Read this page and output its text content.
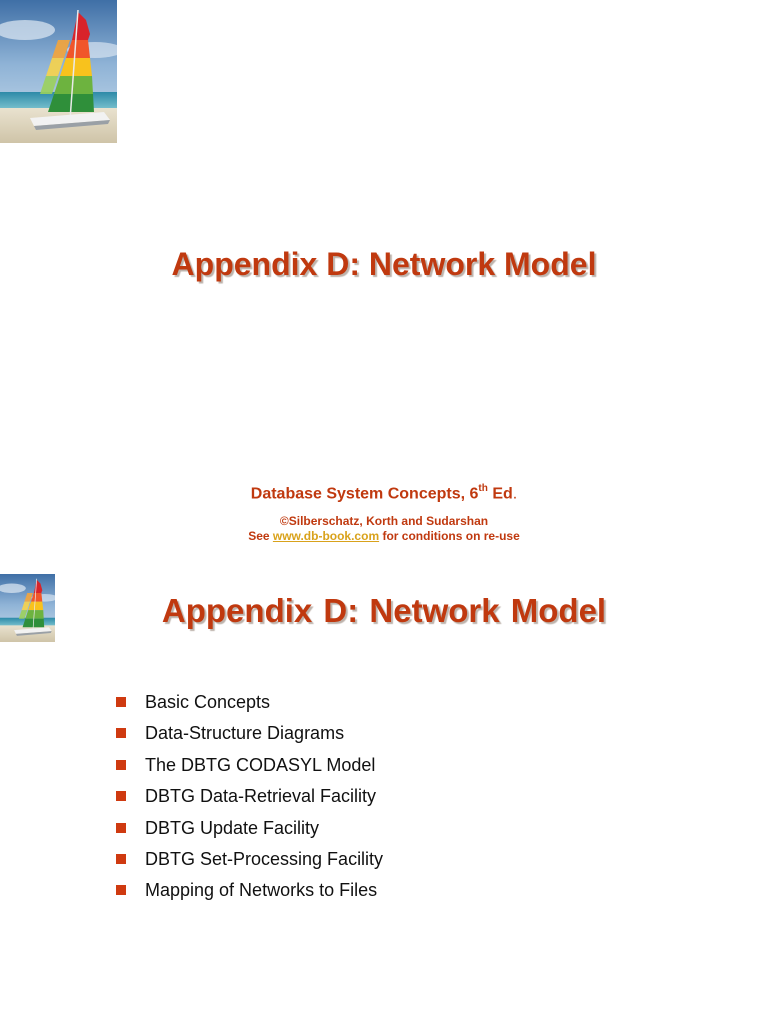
Appendix D: Network Model
Database System Concepts, 6th Ed.
©Silberschatz, Korth and Sudarshan
See www.db-book.com for conditions on re-use
Appendix D: Network Model
Basic Concepts
Data-Structure Diagrams
The DBTG CODASYL Model
DBTG Data-Retrieval Facility
DBTG Update Facility
DBTG Set-Processing Facility
Mapping of Networks to Files
